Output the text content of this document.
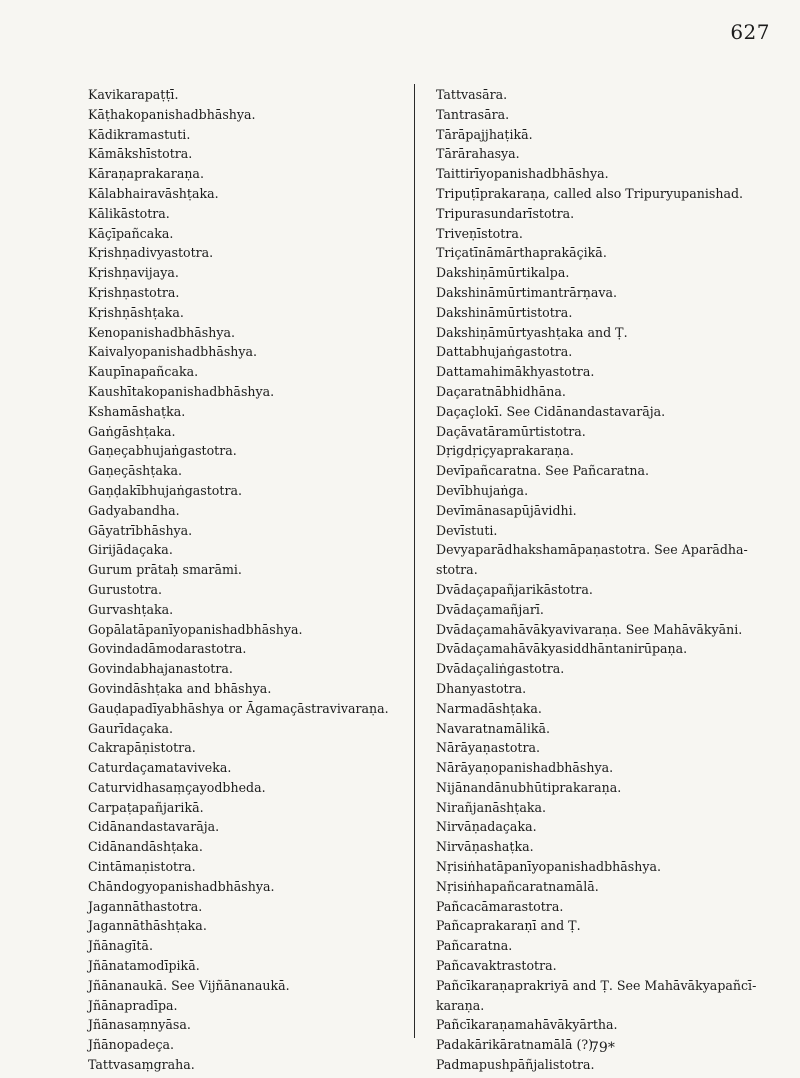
627
Kavikarapaṭṭī.
Kāṭhakopanishadbhāshya.
Kādikramastuti.
Kāmākshīstotra.
Kāraṇaprakaraṇa.
Kālabhairavāshṭaka.
Kālikāstotra.
Kāçīpañcaka.
Kṛishṇadivyastotra.
Kṛishṇavijaya.
Kṛishṇastotra.
Kṛishṇāshṭaka.
Kenopanishadbhāshya.
Kaivalyopanishadbhāshya.
Kaupīnapañcaka.
Kaushītakopanishadbhāshya.
Kshamāshaṭka.
Gaṅgāshṭaka.
Gaṇeçabhujaṅgastotra.
Gaṇeçāshṭaka.
Gaṇḍakībhujaṅgastotra.
Gadyabandha.
Gāyatrībhāshya.
Girijādaçaka.
Gurum prātaḥ smarāmi.
Gurustotra.
Gurvashṭaka.
Gopālatāpanīyopanishadbhāshya.
Govindadāmodarastotra.
Govindabhajanastotra.
Govindāshṭaka and bhāshya.
Gauḍapadīyabhāshya or Āgamaçāstravivaraṇa.
Gaurīdaçaka.
Cakrapāṇistotra.
Caturdaçamataviveka.
Caturvidhasaṃçayodbheda.
Carpaṭapañjarikā.
Cidānandastavarāja.
Cidānandāshṭaka.
Cintāmaṇistotra.
Chāndogyopanishadbhāshya.
Jagannāthastotra.
Jagannāthāshṭaka.
Jñānagītā.
Jñānatamodīpikā.
Jñānanaukā. See Vijñānanaukā.
Jñānapradīpa.
Jñānasaṃnyāsa.
Jñānopadeça.
Tattvasaṃgraha.
Tattvasāra.
Tantrasāra.
Tārāpajjhaṭikā.
Tārārahasya.
Taittirīyopanishadbhāshya.
Tripuṭīprakaraṇa, called also Tripuryupanishad.
Tripurasundarīstotra.
Triveṇīstotra.
Triçatīnāmārthaprakāçikā.
Dakshiṇāmūrtikalpa.
Dakshināmūrtimantrārṇava.
Dakshināmūrtistotra.
Dakshiṇāmūrtyashṭaka and Ṭ.
Dattabhujaṅgastotra.
Dattamahimākhyastotra.
Daçaratnābhidhāna.
Daçaçlokī. See Cidānandastavarāja.
Daçāvatāramūrtistotra.
Dṛigdṛiçyaprakaraṇa.
Devīpañcaratna. See Pañcaratna.
Devībhujaṅga.
Devīmānasapūjāvidhi.
Devīstuti.
Devyaparādhakshamāpaṇastotra. See Aparādha-
stotra.
Dvādaçapañjarikāstotra.
Dvādaçamañjarī.
Dvādaçamahāvākyavivaraṇa. See Mahāvākyāni.
Dvādaçamahāvākyasiddhāntanirūpaṇa.
Dvādaçaliṅgastotra.
Dhanyastotra.
Narmadāshṭaka.
Navaratnamālikā.
Nārāyaṇastotra.
Nārāyaṇopanishadbhāshya.
Nijānandānubhūtiprakaraṇa.
Nirañjanāshṭaka.
Nirvāṇadaçaka.
Nirvāṇashaṭka.
Nṛisiṅhatāpanīyopanishadbhāshya.
Nṛisiṅhapañcaratnamālā.
Pañcacāmarastotra.
Pañcaprakaraṇī and Ṭ.
Pañcaratna.
Pañcavaktrastotra.
Pañcīkaraṇaprakriyā and Ṭ. See Mahāvākyapañcī-
karaṇa.
Pañcīkaraṇamahāvākyārtha.
Padakārikāratnamālā (?).
Padmapushpāñjalistotra.
79*
